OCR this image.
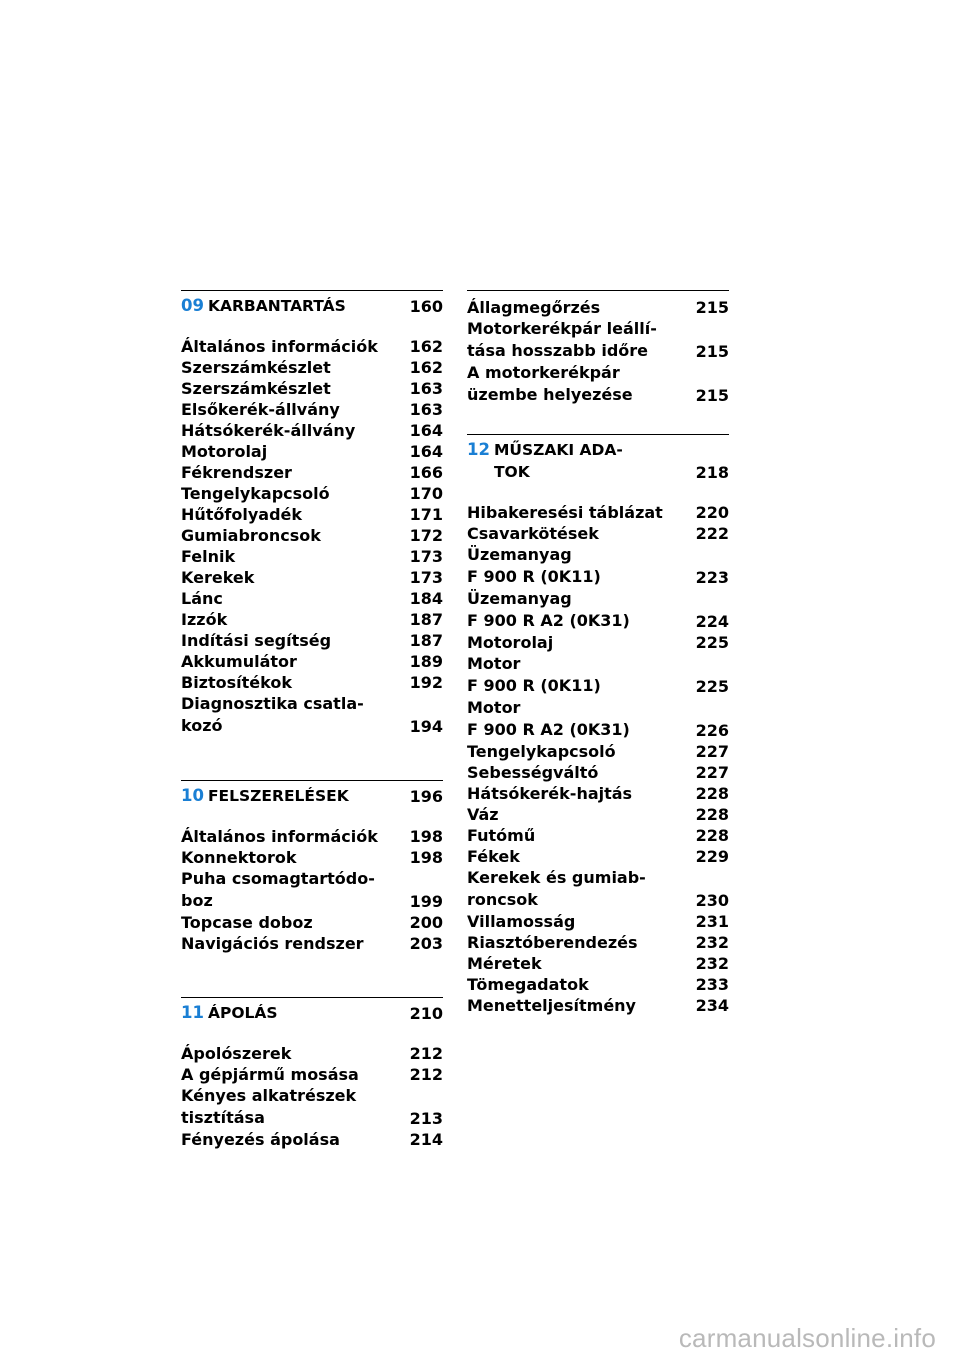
09 KARBANTARTÁS	160
Általános információk	162
Szerszámkészlet	162
Szerszámkészlet	163
Elsőkerék-állvány	163
Hátsókerék-állvány	164
Motorolaj	164
Fékrendszer	166
Tengelykapcsoló	170
Hűtőfolyadék	171
Gumiabroncsok	172
Felnik	173
Kerekek	173
Lánc	184
Izzók	187
Indítási segítség	187
Akkumulátor	189
Biztosítékok	192
Diagnosztika csatla-
kozó	194
10 FELSZERELÉSEK	196
Általános információk	198
Konnektorok	198
Puha csomagtartódo-
boz	199
Topcase doboz	200
Navigációs rendszer	203
11 ÁPOLÁS	210
Ápolószerek	212
A gépjármű mosása	212
Kényes alkatrészek
tisztítása	213
Fényezés ápolása	214
Állagmegőrzés	215
Motorkerékpár leállí-
tása hosszabb időre	215
A motorkerékpár
üzembe helyezése	215
12 MŰSZAKI ADA-
TOK	218
Hibakeresési táblázat	220
Csavarkötések	222
Üzemanyag
F 900 R (0K11)	223
Üzemanyag
F 900 R A2 (0K31)	224
Motorolaj	225
Motor
F 900 R (0K11)	225
Motor
F 900 R A2 (0K31)	226
Tengelykapcsoló	227
Sebességváltó	227
Hátsókerék-hajtás	228
Váz	228
Futómű	228
Fékek	229
Kerekek és gumiab-
roncsok	230
Villamosság	231
Riasztóberendezés	232
Méretek	232
Tömegadatok	233
Menetteljesítmény	234
carmanualsonline.info
